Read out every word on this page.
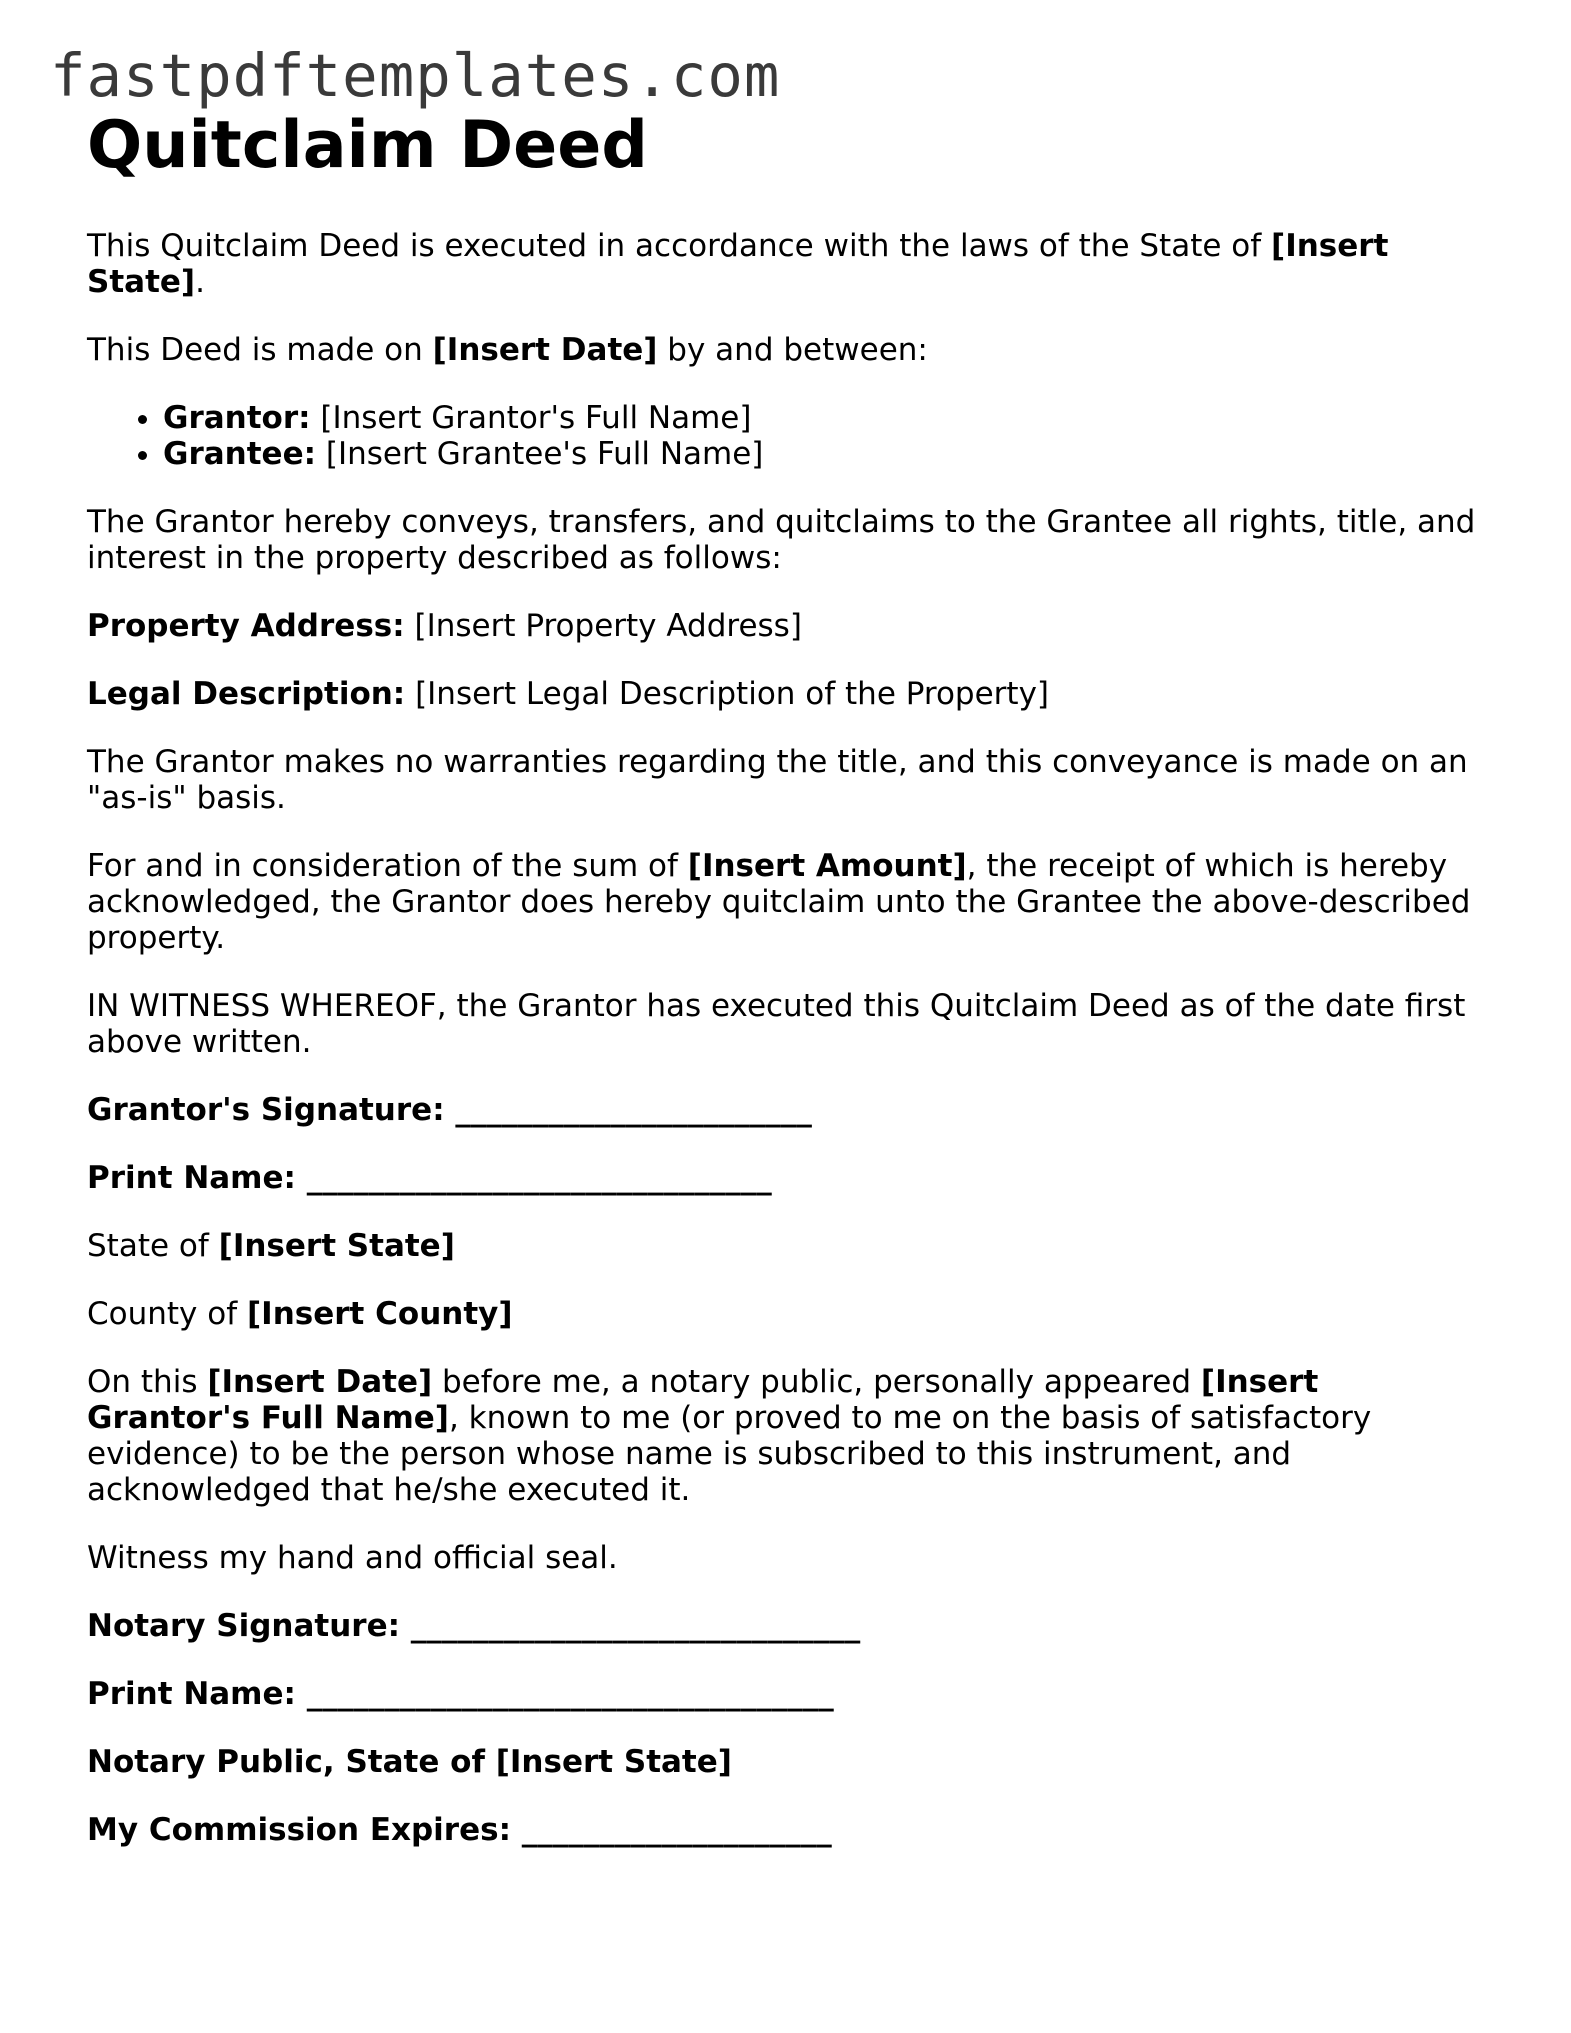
fastpdftemplates.com
Quitclaim Deed

This Quitclaim Deed is executed in accordance with the laws of the State of [Insert State].

This Deed is made on [Insert Date] by and between:

• Grantor: [Insert Grantor's Full Name]
• Grantee: [Insert Grantee's Full Name]

The Grantor hereby conveys, transfers, and quitclaims to the Grantee all rights, title, and interest in the property described as follows:

Property Address: [Insert Property Address]

Legal Description: [Insert Legal Description of the Property]

The Grantor makes no warranties regarding the title, and this conveyance is made on an "as-is" basis.

For and in consideration of the sum of [Insert Amount], the receipt of which is hereby acknowledged, the Grantor does hereby quitclaim unto the Grantee the above-described property.

IN WITNESS WHEREOF, the Grantor has executed this Quitclaim Deed as of the date first above written.

Grantor's Signature: _______________________

Print Name: ______________________________

State of [Insert State]

County of [Insert County]

On this [Insert Date] before me, a notary public, personally appeared [Insert Grantor's Full Name], known to me (or proved to me on the basis of satisfactory evidence) to be the person whose name is subscribed to this instrument, and acknowledged that he/she executed it.

Witness my hand and official seal.

Notary Signature: _____________________________

Print Name: __________________________________

Notary Public, State of [Insert State]

My Commission Expires: ____________________
